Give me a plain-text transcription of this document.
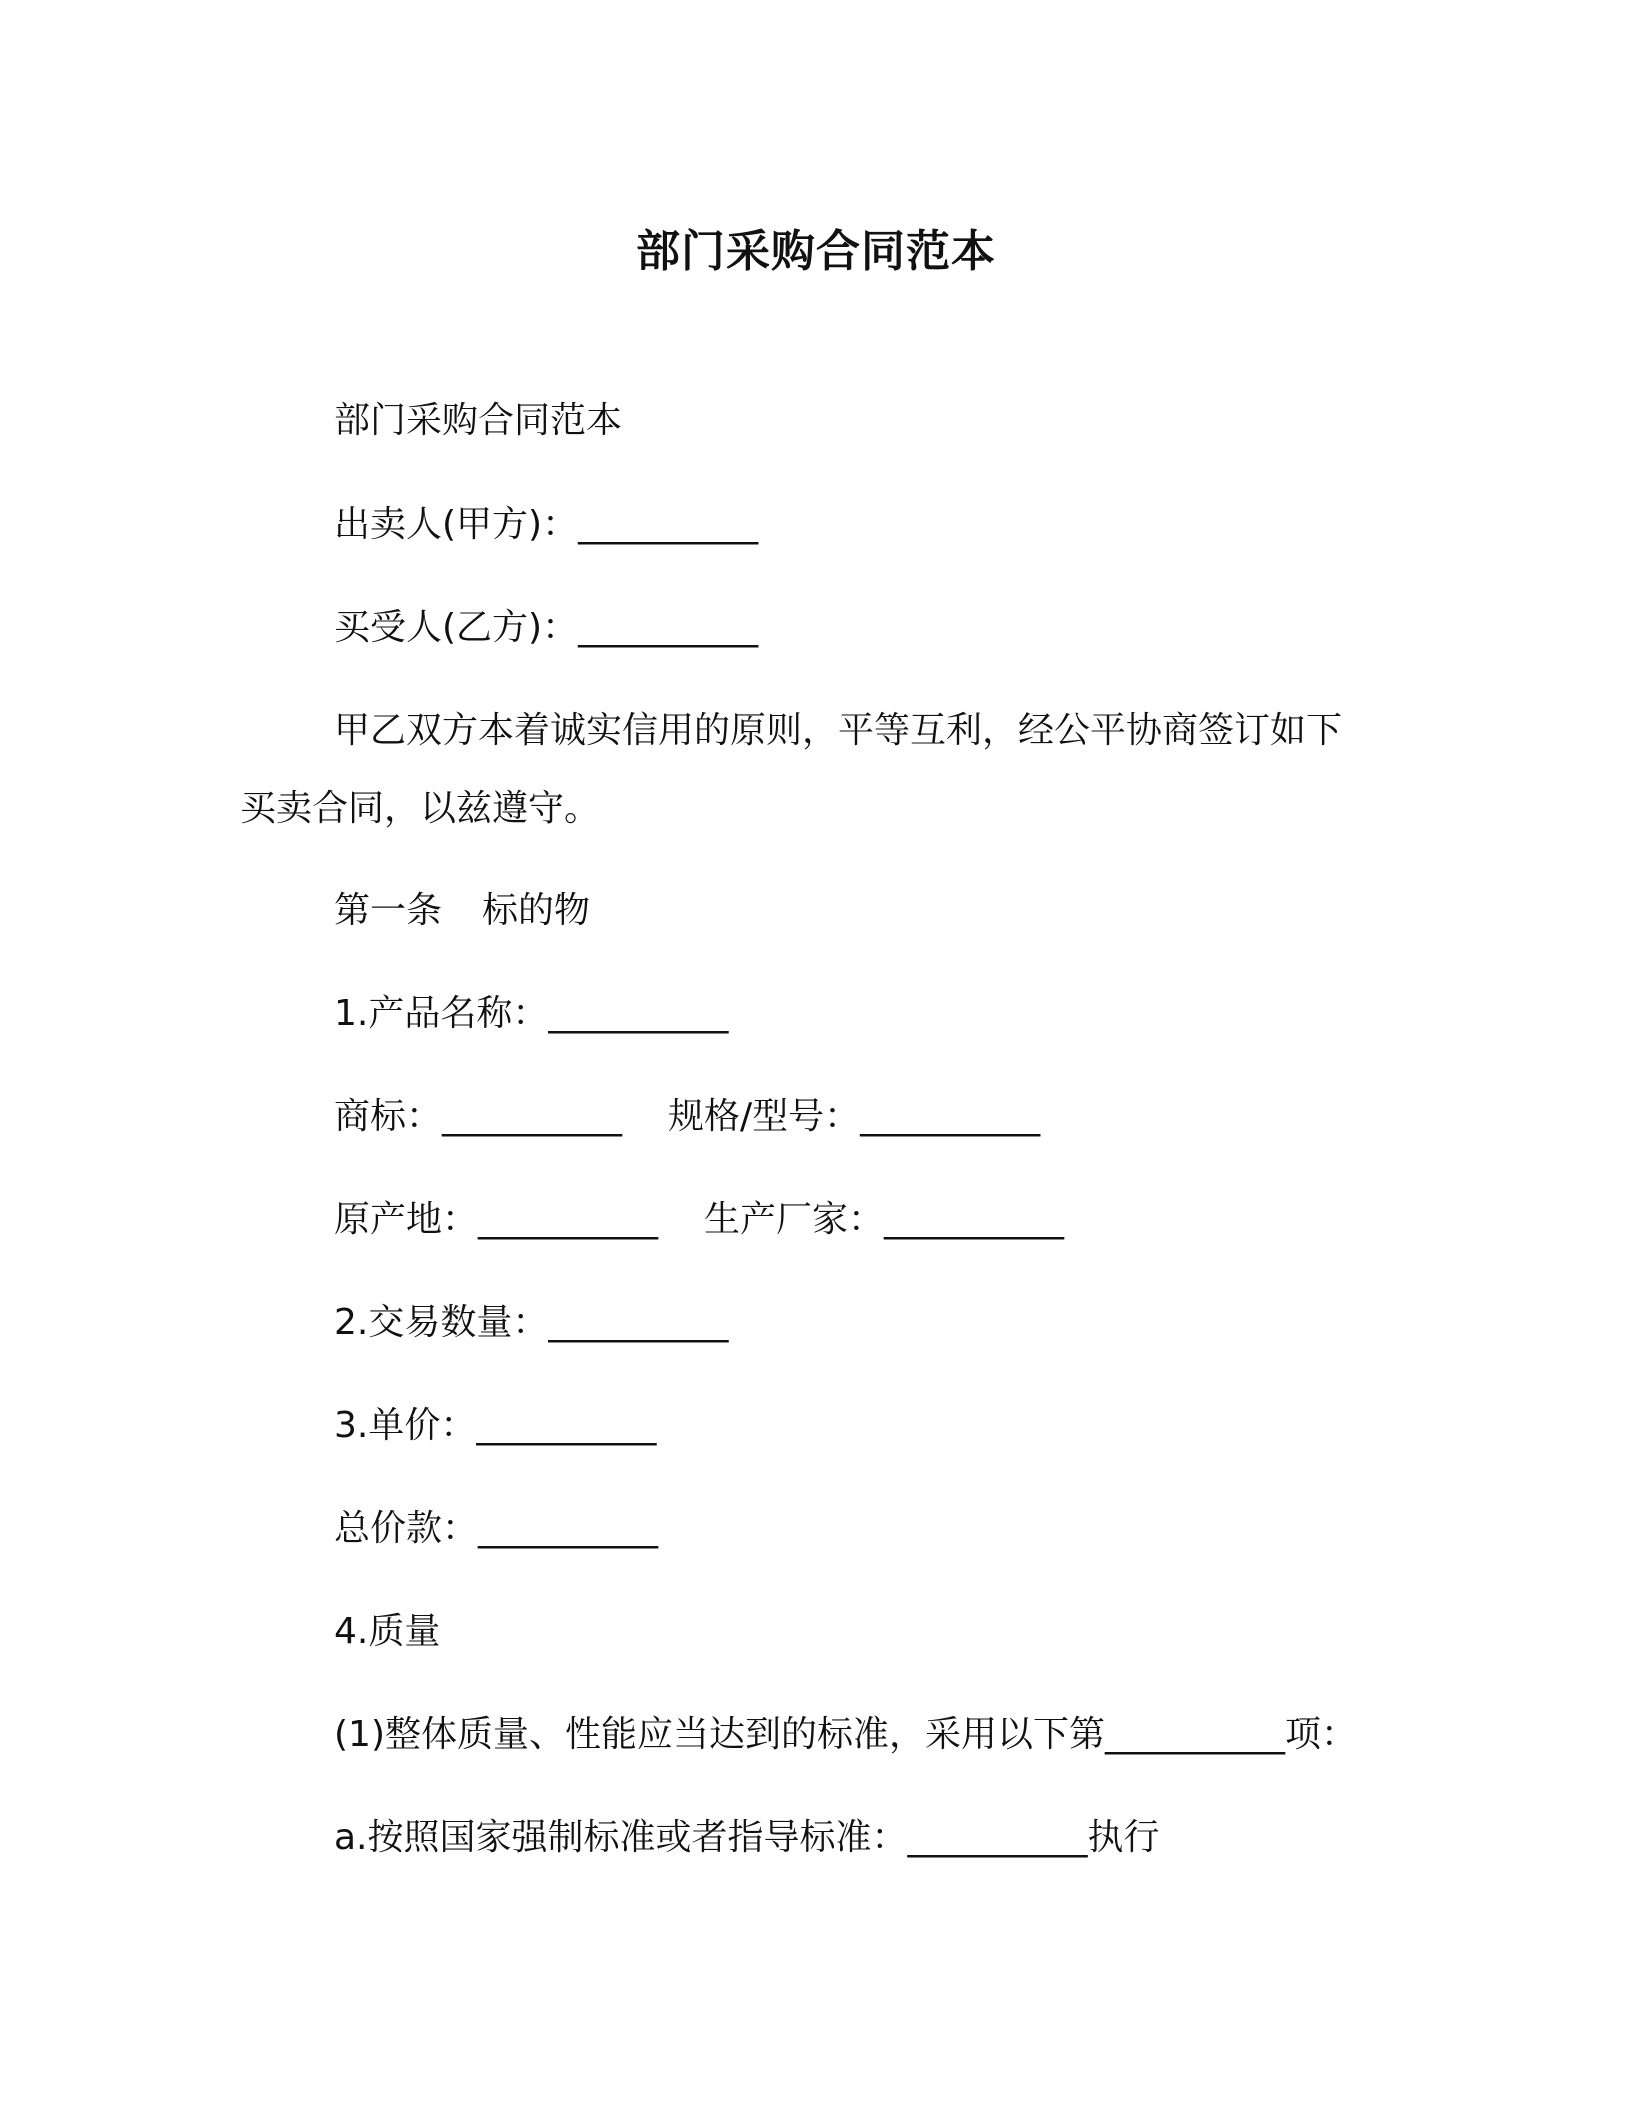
部门采购合同范本
部门采购合同范本
出卖人(甲方)：__________
买受人(乙方)：__________
甲乙双方本着诚实信用的原则，平等互利，经公平协商签订如下
买卖合同，以兹遵守。
第一条 标的物
1.产品名称：__________
商标：__________ 规格/型号：__________
原产地：__________ 生产厂家：__________
2.交易数量：__________
3.单价：__________
总价款：__________
4.质量
(1)整体质量、性能应当达到的标准，采用以下第__________项：
a.按照国家强制标准或者指导标准：__________执行
